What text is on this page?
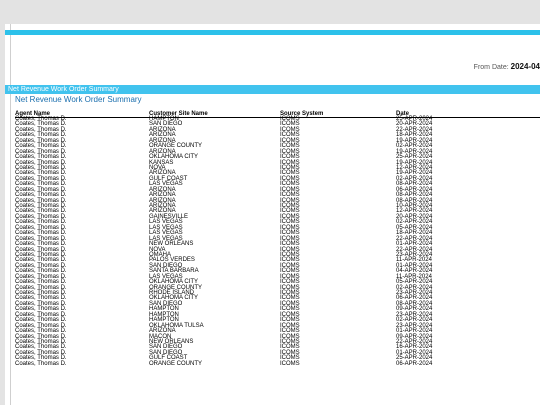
From Date: 2024-04
Net Revenue Work Order Summary
Net Revenue Work Order Summary
Agent Name	Customer Site Name	Source System	Date
Coates, Thomas D.	HAMPTON	ICOMS	25-APR-2024
Coates, Thomas D.	SAN DIEGO	ICOMS	20-APR-2024
Coates, Thomas D.	ARIZONA	ICOMS	22-APR-2024
Coates, Thomas D.	ARIZONA	ICOMS	18-APR-2024
Coates, Thomas D.	ARIZONA	ICOMS	19-APR-2024
Coates, Thomas D.	ORANGE COUNTY	ICOMS	02-APR-2024
Coates, Thomas D.	ARIZONA	ICOMS	19-APR-2024
Coates, Thomas D.	OKLAHOMA CITY	ICOMS	25-APR-2024
Coates, Thomas D.	KANSAS	ICOMS	19-APR-2024
Coates, Thomas D.	NOVA	ICOMS	12-APR-2024
Coates, Thomas D.	ARIZONA	ICOMS	19-APR-2024
Coates, Thomas D.	GULF COAST	ICOMS	02-APR-2024
Coates, Thomas D.	LAS VEGAS	ICOMS	08-APR-2024
Coates, Thomas D.	ARIZONA	ICOMS	06-APR-2024
Coates, Thomas D.	ARIZONA	ICOMS	08-APR-2024
Coates, Thomas D.	ARIZONA	ICOMS	08-APR-2024
Coates, Thomas D.	ARIZONA	ICOMS	10-APR-2024
Coates, Thomas D.	ARIZONA	ICOMS	12-APR-2024
Coates, Thomas D.	GAINESVILLE	ICOMS	20-APR-2024
Coates, Thomas D.	LAS VEGAS	ICOMS	02-APR-2024
Coates, Thomas D.	LAS VEGAS	ICOMS	05-APR-2024
Coates, Thomas D.	LAS VEGAS	ICOMS	18-APR-2024
Coates, Thomas D.	LAS VEGAS	ICOMS	22-APR-2024
Coates, Thomas D.	NEW ORLEANS	ICOMS	01-APR-2024
Coates, Thomas D.	NOVA	ICOMS	22-APR-2024
Coates, Thomas D.	OMAHA	ICOMS	23-APR-2024
Coates, Thomas D.	PALOS VERDES	ICOMS	11-APR-2024
Coates, Thomas D.	SAN DIEGO	ICOMS	01-APR-2024
Coates, Thomas D.	SANTA BARBARA	ICOMS	04-APR-2024
Coates, Thomas D.	LAS VEGAS	ICOMS	11-APR-2024
Coates, Thomas D.	OKLAHOMA CITY	ICOMS	05-APR-2024
Coates, Thomas D.	ORANGE COUNTY	ICOMS	02-APR-2024
Coates, Thomas D.	RHODE ISLAND	ICOMS	23-APR-2024
Coates, Thomas D.	OKLAHOMA CITY	ICOMS	06-APR-2024
Coates, Thomas D.	SAN DIEGO	ICOMS	08-APR-2024
Coates, Thomas D.	HAMPTON	ICOMS	09-APR-2024
Coates, Thomas D.	HAMPTON	ICOMS	23-APR-2024
Coates, Thomas D.	HAMPTON	ICOMS	02-APR-2024
Coates, Thomas D.	OKLAHOMA TULSA	ICOMS	23-APR-2024
Coates, Thomas D.	ARIZONA	ICOMS	01-APR-2024
Coates, Thomas D.	MACON	ICOMS	09-APR-2024
Coates, Thomas D.	NEW ORLEANS	ICOMS	22-APR-2024
Coates, Thomas D.	SAN DIEGO	ICOMS	16-APR-2024
Coates, Thomas D.	SAN DIEGO	ICOMS	01-APR-2024
Coates, Thomas D.	GULF COAST	ICOMS	25-APR-2024
Coates, Thomas D.	ORANGE COUNTY	ICOMS	06-APR-2024
